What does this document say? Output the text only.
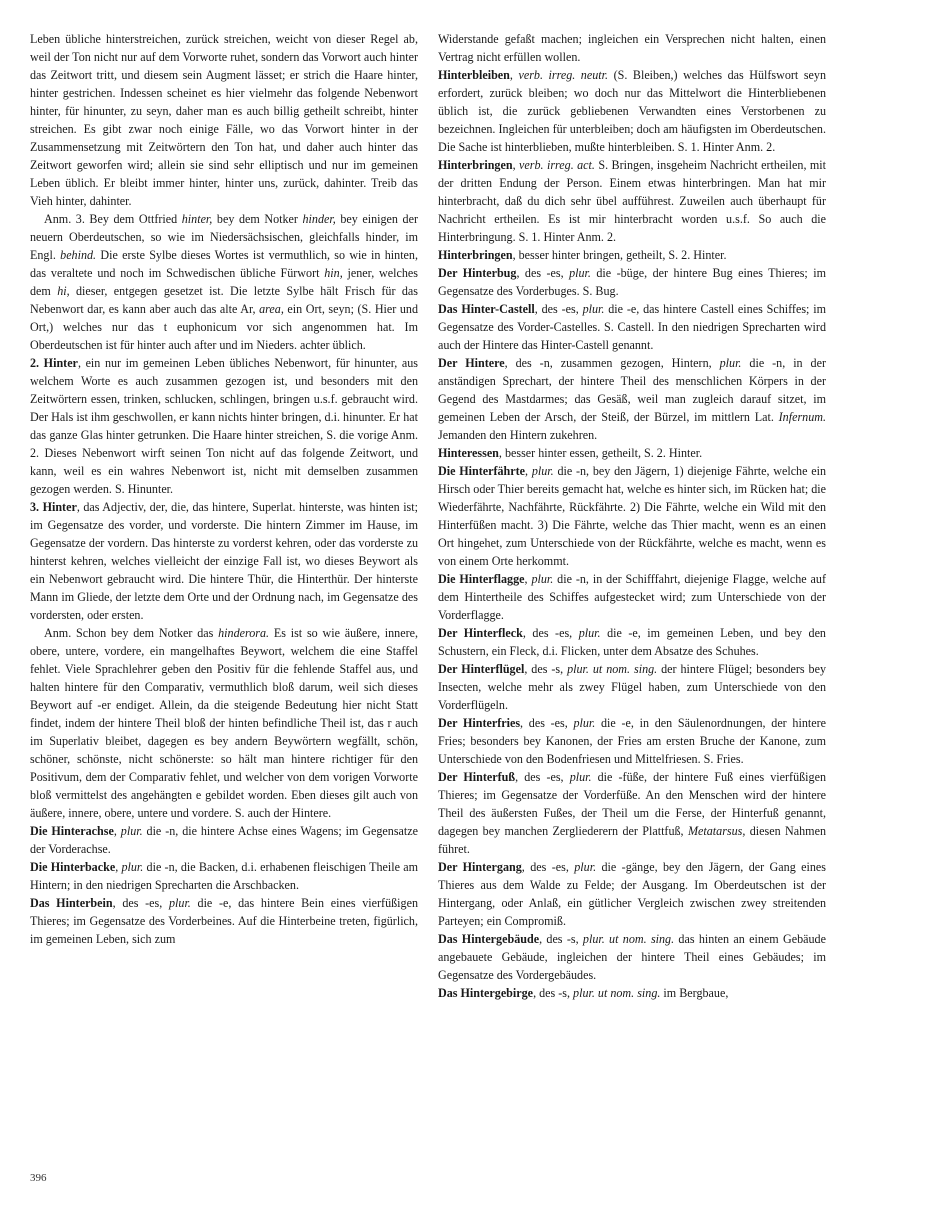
Leben übliche hinterstreichen, zurück streichen, weicht von dieser Regel ab, weil der Ton nicht nur auf dem Vorworte ruhet, sondern das Vorwort auch hinter das Zeitwort tritt, und diesem sein Augment lässet; er strich die Haare hinter, hinter gestrichen. Indessen scheinet es hier vielmehr das folgende Nebenwort hinter, für hinunter, zu seyn, daher man es auch billig getheilt schreibt, hinter streichen. Es gibt zwar noch einige Fälle, wo das Vorwort hinter in der Zusammensetzung mit Zeitwörtern den Ton hat, und daher auch hinter das Zeitwort geworfen wird; allein sie sind sehr elliptisch und nur im gemeinen Leben üblich. Er bleibt immer hinter, hinter uns, zurück, dahinter. Treib das Vieh hinter, dahinter.

Anm. 3. Bey dem Ottfried hinter, bey dem Notker hinder, bey einigen der neuern Oberdeutschen, so wie im Niedersächsischen, gleichfalls hinder, im Engl. behind. Die erste Sylbe dieses Wortes ist vermuthlich, so wie in hinten, das veraltete und noch im Schwedischen übliche Fürwort hin, jener, welches dem hi, dieser, entgegen gesetzet ist. Die letzte Sylbe hält Frisch für das Nebenwort dar, es kann aber auch das alte Ar, area, ein Ort, seyn; (S. Hier und Ort,) welches nur das t euphonicum vor sich angenommen hat. Im Oberdeutschen ist für hinter auch after und im Nieders. achter üblich.

2. Hinter, ein nur im gemeinen Leben übliches Nebenwort, für hinunter, aus welchem Worte es auch zusammen gezogen ist, und besonders mit den Zeitwörtern essen, trinken, schlucken, schlingen, bringen u.s.f. gebraucht wird. Der Hals ist ihm geschwollen, er kann nichts hinter bringen, d.i. hinunter. Er hat das ganze Glas hinter getrunken. Die Haare hinter streichen, S. die vorige Anm. 2. Dieses Nebenwort wirft seinen Ton nicht auf das folgende Zeitwort, und kann, weil es ein wahres Nebenwort ist, nicht mit demselben zusammen gezogen werden. S. Hinunter.

3. Hinter, das Adjectiv, der, die, das hintere, Superlat. hinterste, was hinten ist; im Gegensatze des vorder, und vorderste. Die hintern Zimmer im Hause, im Gegensatze der vordern. Das hinterste zu vorderst kehren, oder das vorderste zu hinterst kehren, welches vielleicht der einzige Fall ist, wo dieses Beywort als ein Nebenwort gebraucht wird. Die hintere Thür, die Hinterthür. Der hinterste Mann im Gliede, der letzte dem Orte und der Ordnung nach, im Gegensatze des vordersten, oder ersten.

Anm. Schon bey dem Notker das hinderora. Es ist so wie äußere, innere, obere, untere, vordere, ein mangelhaftes Beywort, welchem die eine Staffel fehlet. Viele Sprachlehrer geben den Positiv für die fehlende Staffel aus, und halten hintere für den Comparativ, vermuthlich bloß darum, weil sich dieses Beywort auf -er endiget. Allein, da die steigende Bedeutung hier nicht Statt findet, indem der hintere Theil bloß der hinten befindliche Theil ist, das r auch im Superlativ bleibet, dagegen es bey andern Beywörtern wegfällt, schön, schöner, schönste, nicht schönerste: so hält man hintere richtiger für den Positivum, dem der Comparativ fehlet, und welcher von dem vorigen Vorworte bloß vermittelst des angehängten e gebildet worden. Eben dieses gilt auch von äußere, innere, obere, untere und vordere. S. auch der Hintere.

Die Hinterachse, plur. die -n, die hintere Achse eines Wagens; im Gegensatze der Vorderachse.

Die Hinterbacke, plur. die -n, die Backen, d.i. erhabenen fleischigen Theile am Hintern; in den niedrigen Sprecharten die Arschbacken.

Das Hinterbein, des -es, plur. die -e, das hintere Bein eines vierfüßigen Thieres; im Gegensatze des Vorderbeines. Auf die Hinterbeine treten, figürlich, im gemeinen Leben, sich zum

Widerstande gefaßt machen; ingleichen ein Versprechen nicht halten, einen Vertrag nicht erfüllen wollen.

Hinterbleiben, verb. irreg. neutr. (S. Bleiben,) welches das Hülfswort seyn erfordert, zurück bleiben; wo doch nur das Mittelwort die Hinterbliebenen üblich ist, die zurück gebliebenen Verwandten eines Verstorbenen zu bezeichnen. Ingleichen für unterbleiben; doch am häufigsten im Oberdeutschen. Die Sache ist hinterblieben, mußte hinterbleiben. S. 1. Hinter Anm. 2.

Hinterbringen, verb. irreg. act. S. Bringen, insgeheim Nachricht ertheilen, mit der dritten Endung der Person. Einem etwas hinterbringen. Man hat mir hinterbracht, daß du dich sehr übel aufführest. Zuweilen auch überhaupt für Nachricht ertheilen. Es ist mir hinterbracht worden u.s.f. So auch die Hinterbringung. S. 1. Hinter Anm. 2.

Hinterbringen, besser hinter bringen, getheilt, S. 2. Hinter.

Der Hinterbug, des -es, plur. die -büge, der hintere Bug eines Thieres; im Gegensatze des Vorderbuges. S. Bug.

Das Hinter-Castell, des -es, plur. die -e, das hintere Castell eines Schiffes; im Gegensatze des Vorder-Castelles. S. Castell. In den niedrigen Sprecharten wird auch der Hintere das Hinter-Castell genannt.

Der Hintere, des -n, zusammen gezogen, Hintern, plur. die -n, in der anständigen Sprechart, der hintere Theil des menschlichen Körpers in der Gegend des Mastdarmes; das Gesäß, weil man zugleich darauf sitzet, im gemeinen Leben der Arsch, der Steiß, der Bürzel, im mittlern Lat. Infernum. Jemanden den Hintern zukehren.

Hinteressen, besser hinter essen, getheilt, S. 2. Hinter.

Die Hinterfährte, plur. die -n, bey den Jägern, 1) diejenige Fährte, welche ein Hirsch oder Thier bereits gemacht hat, welche es hinter sich, im Rücken hat; die Wiederfährte, Nachfährte, Rückfährte. 2) Die Fährte, welche ein Wild mit den Hinterfüßen macht. 3) Die Fährte, welche das Thier macht, wenn es an einen Ort hingehet, zum Unterschiede von der Rückfährte, welche es macht, wenn es von einem Orte herkommt.

Die Hinterflagge, plur. die -n, in der Schifffahrt, diejenige Flagge, welche auf dem Hintertheile des Schiffes aufgestecket wird; zum Unterschiede von der Vorderflagge.

Der Hinterfleck, des -es, plur. die -e, im gemeinen Leben, und bey den Schustern, ein Fleck, d.i. Flicken, unter dem Absatze des Schuhes.

Der Hinterflügel, des -s, plur. ut nom. sing. der hintere Flügel; besonders bey Insecten, welche mehr als zwey Flügel haben, zum Unterschiede von den Vorderflügeln.

Der Hinterfries, des -es, plur. die -e, in den Säulenordnungen, der hintere Fries; besonders bey Kanonen, der Fries am ersten Bruche der Kanone, zum Unterschiede von den Bodenfriesen und Mittelfriesen. S. Fries.

Der Hinterfuß, des -es, plur. die -füße, der hintere Fuß eines vierfüßigen Thieres; im Gegensatze der Vorderfüße. An den Menschen wird der hintere Theil des äußersten Fußes, der Theil um die Ferse, der Hinterfuß genannt, dagegen bey manchen Zergliederern der Plattfuß, Metatarsus, diesen Nahmen führet.

Der Hintergang, des -es, plur. die -gänge, bey den Jägern, der Gang eines Thieres aus dem Walde zu Felde; der Ausgang. Im Oberdeutschen ist der Hintergang, oder Anlaß, ein gütlicher Vergleich zwischen zwey streitenden Parteyen; ein Compromiß.

Das Hintergebäude, des -s, plur. ut nom. sing. das hinten an einem Gebäude angebauete Gebäude, ingleichen der hintere Theil eines Gebäudes; im Gegensatze des Vordergebäudes.

Das Hintergebirge, des -s, plur. ut nom. sing. im Bergbaue,

396
